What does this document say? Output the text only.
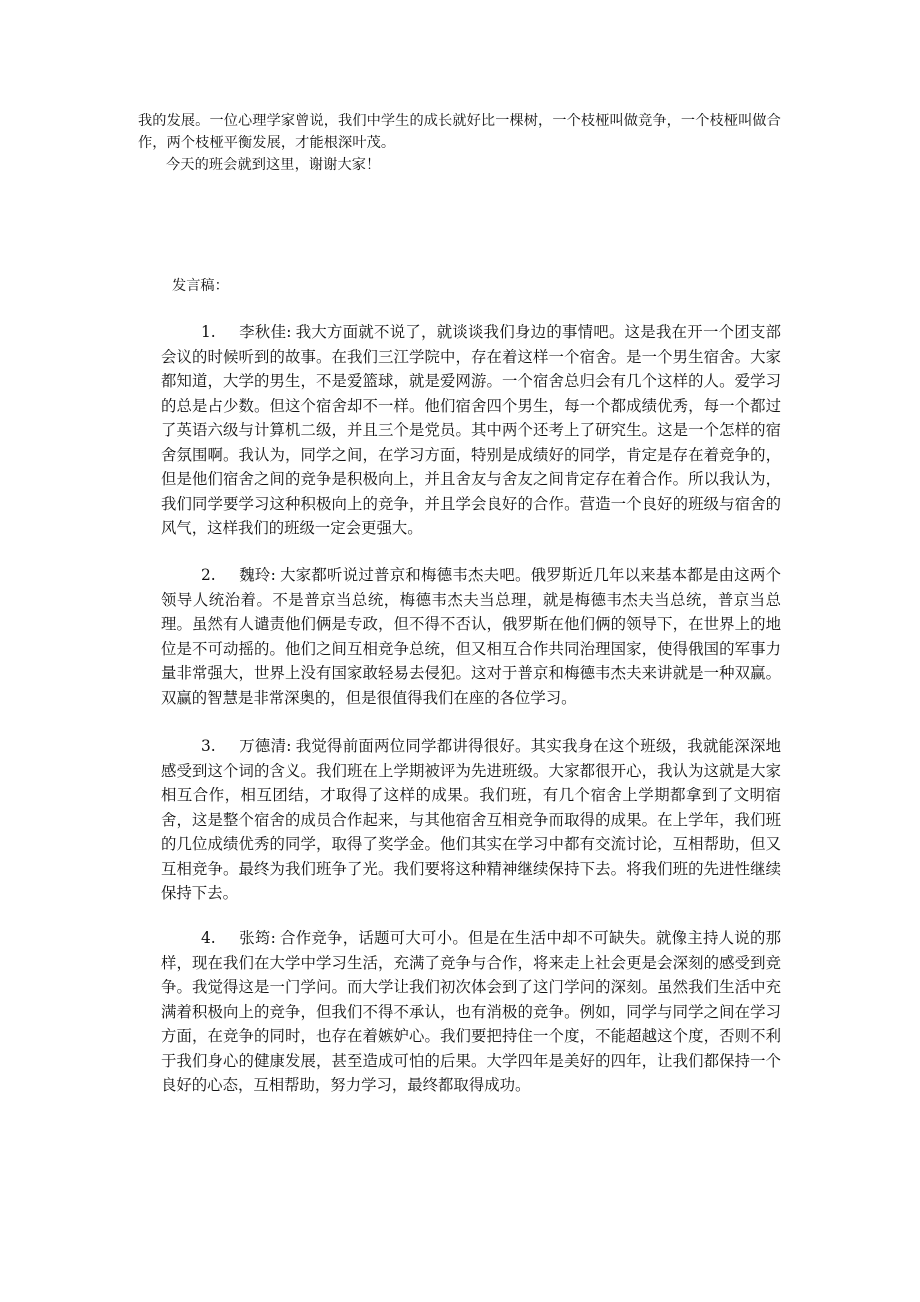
我的发展。一位心理学家曾说，我们中学生的成长就好比一棵树，一个枝桠叫做竞争，一个枝桠叫做合作，两个枝桠平衡发展，才能根深叶茂。

今天的班会就到这里，谢谢大家！

发言稿：

1. 李秋佳: 我大方面就不说了，就谈谈我们身边的事情吧。这是我在开一个团支部会议的时候听到的故事。在我们三江学院中，存在着这样一个宿舍。是一个男生宿舍。大家都知道，大学的男生，不是爱篮球，就是爱网游。一个宿舍总归会有几个这样的人。爱学习的总是占少数。但这个宿舍却不一样。他们宿舍四个男生，每一个都成绩优秀，每一个都过了英语六级与计算机二级，并且三个是党员。其中两个还考上了研究生。这是一个怎样的宿舍氛围啊。我认为，同学之间，在学习方面，特别是成绩好的同学，肯定是存在着竞争的，但是他们宿舍之间的竞争是积极向上，并且舍友与舍友之间肯定存在着合作。所以我认为，我们同学要学习这种积极向上的竞争，并且学会良好的合作。营造一个良好的班级与宿舍的风气，这样我们的班级一定会更强大。

2. 魏玲: 大家都听说过普京和梅德韦杰夫吧。俄罗斯近几年以来基本都是由这两个领导人统治着。不是普京当总统，梅德韦杰夫当总理，就是梅德韦杰夫当总统，普京当总理。虽然有人谴责他们俩是专政，但不得不否认，俄罗斯在他们俩的领导下，在世界上的地位是不可动摇的。他们之间互相竞争总统，但又相互合作共同治理国家，使得俄国的军事力量非常强大，世界上没有国家敢轻易去侵犯。这对于普京和梅德韦杰夫来讲就是一种双赢。双赢的智慧是非常深奥的，但是很值得我们在座的各位学习。

3. 万德清: 我觉得前面两位同学都讲得很好。其实我身在这个班级，我就能深深地感受到这个词的含义。我们班在上学期被评为先进班级。大家都很开心，我认为这就是大家相互合作，相互团结，才取得了这样的成果。我们班，有几个宿舍上学期都拿到了文明宿舍，这是整个宿舍的成员合作起来，与其他宿舍互相竞争而取得的成果。在上学年，我们班的几位成绩优秀的同学，取得了奖学金。他们其实在学习中都有交流讨论，互相帮助，但又互相竞争。最终为我们班争了光。我们要将这种精神继续保持下去。将我们班的先进性继续保持下去。

4. 张筠: 合作竞争，话题可大可小。但是在生活中却不可缺失。就像主持人说的那样，现在我们在大学中学习生活，充满了竞争与合作，将来走上社会更是会深刻的感受到竞争。我觉得这是一门学问。而大学让我们初次体会到了这门学问的深刻。虽然我们生活中充满着积极向上的竞争，但我们不得不承认，也有消极的竞争。例如，同学与同学之间在学习方面，在竞争的同时，也存在着嫉妒心。我们要把持住一个度，不能超越这个度，否则不利于我们身心的健康发展，甚至造成可怕的后果。大学四年是美好的四年，让我们都保持一个良好的心态，互相帮助，努力学习，最终都取得成功。
